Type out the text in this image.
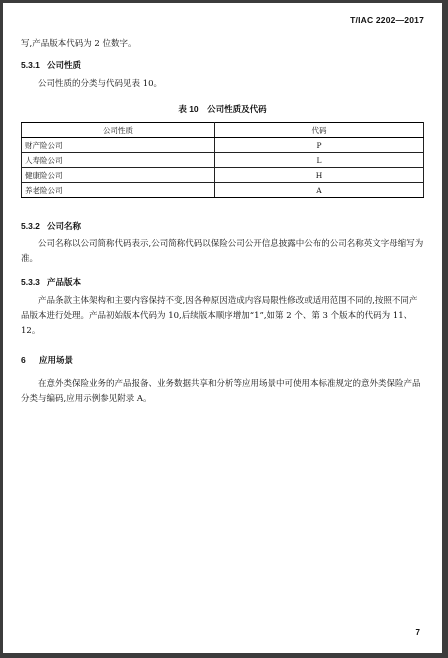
T/IAC 2202—2017
写,产品版本代码为 2 位数字。
5.3.1 公司性质
公司性质的分类与代码见表 10。
表 10　公司性质及代码
公司性质	代码
财产险公司	P
人寿险公司	L
健康险公司	H
养老险公司	A
5.3.2 公司名称
公司名称以公司简称代码表示,公司简称代码以保险公司公开信息披露中公布的公司名称英文字母缩写为准。
5.3.3 产品版本
产品条款主体架构和主要内容保持不变,因各种原因造成内容局限性修改或适用范围不同的,按照不同产品版本进行处理。产品初始版本代码为 10,后续版本顺序增加“1”,如第 2 个、第 3 个版本的代码为 11、12。
6 应用场景
在意外类保险业务的产品报备、业务数据共享和分析等应用场景中可使用本标准规定的意外类保险产品分类与编码,应用示例参见附录 A。
7
